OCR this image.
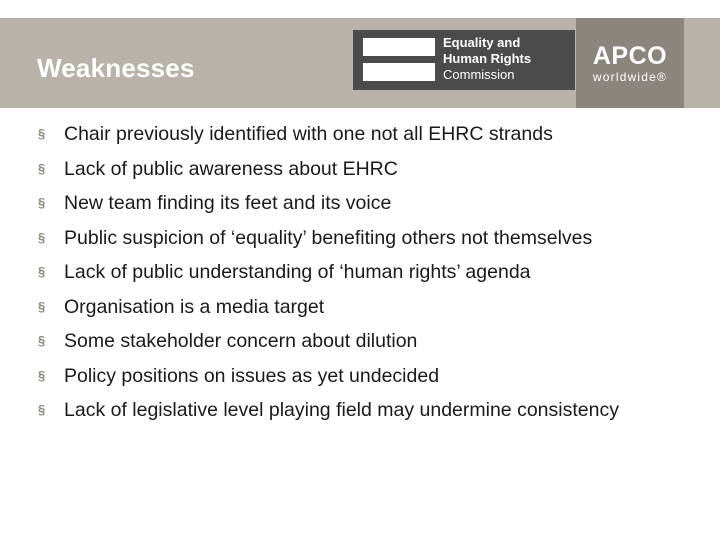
Weaknesses
Equality and
Human Rights
Commission
APCO
worldwide®
§ Chair previously identified with one not all EHRC strands
§ Lack of public awareness about EHRC
§ New team finding its feet and its voice
§ Public suspicion of ‘equality’ benefiting others not themselves
§ Lack of public understanding of ‘human rights’ agenda
§ Organisation is a media target
§ Some stakeholder concern about dilution
§ Policy positions on issues as yet undecided
§ Lack of legislative level playing field may undermine consistency
